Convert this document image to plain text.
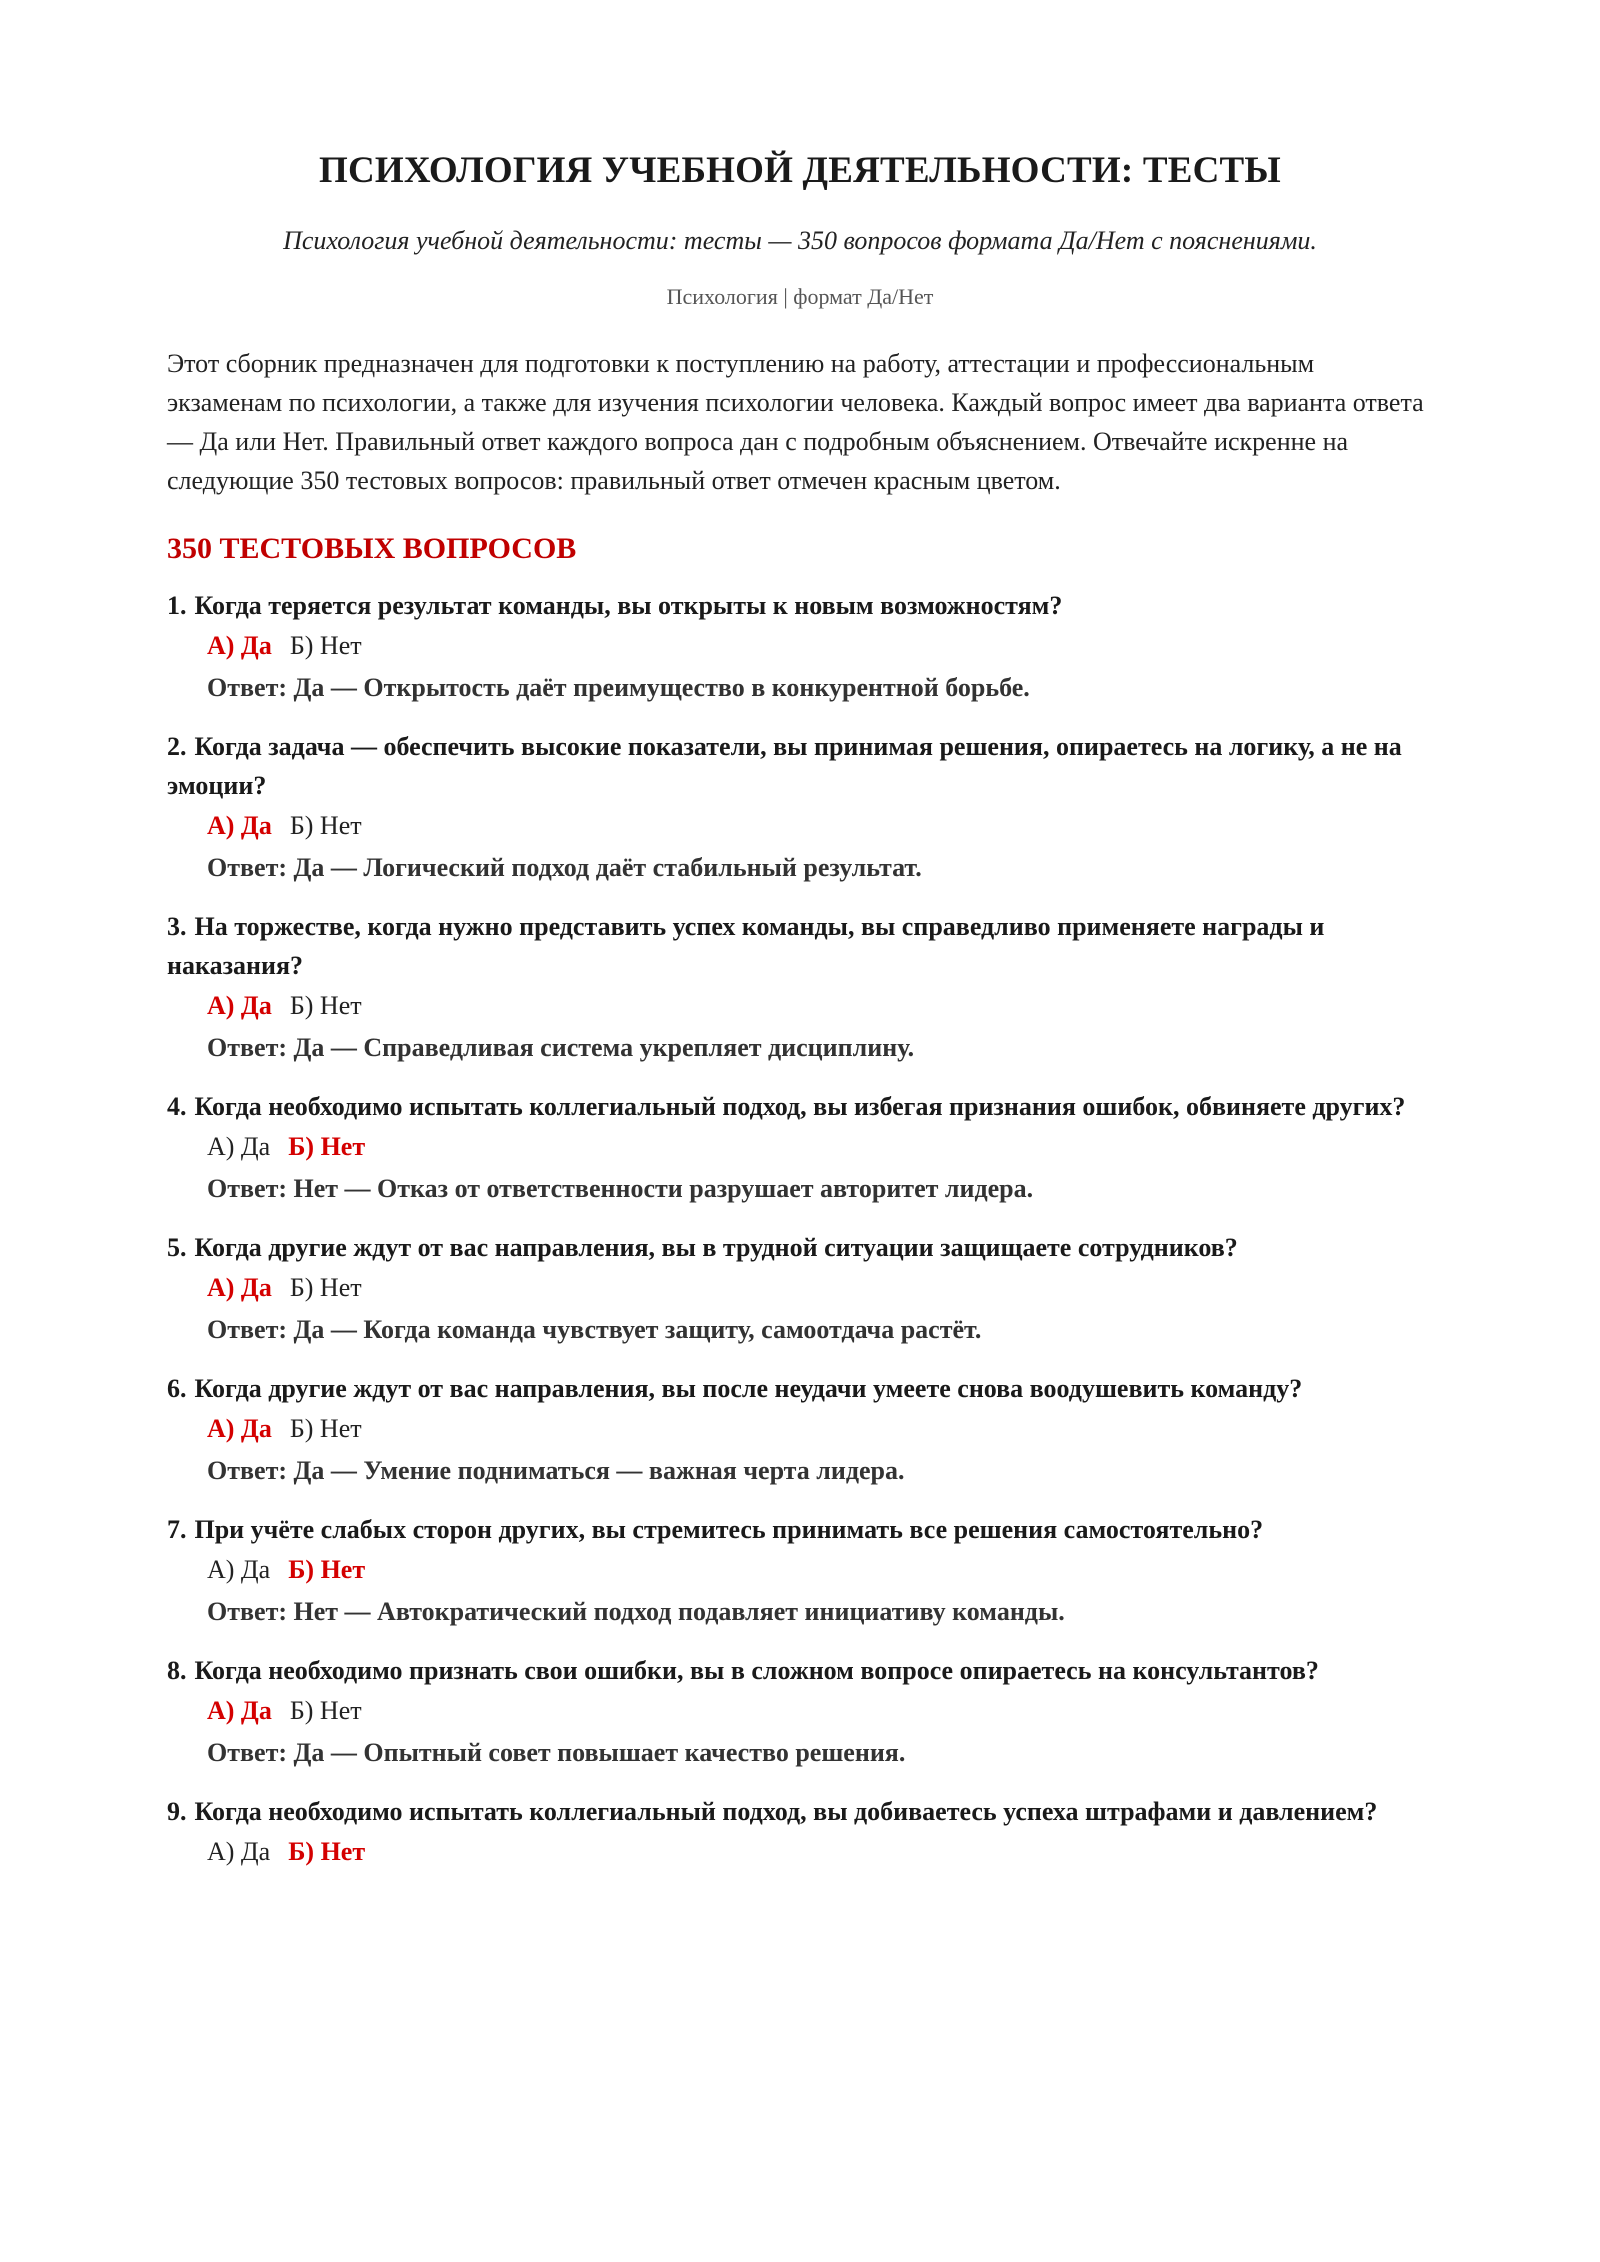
ПСИХОЛОГИЯ УЧЕБНОЙ ДЕЯТЕЛЬНОСТИ: ТЕСТЫ

Психология учебной деятельности: тесты — 350 вопросов формата Да/Нет с пояснениями.

Психология | формат Да/Нет

Этот сборник предназначен для подготовки к поступлению на работу, аттестации и профессиональным экзаменам по психологии, а также для изучения психологии человека. Каждый вопрос имеет два варианта ответа — Да или Нет. Правильный ответ каждого вопроса дан с подробным объяснением. Отвечайте искренне на следующие 350 тестовых вопросов: правильный ответ отмечен красным цветом.

350 ТЕСТОВЫХ ВОПРОСОВ
1. Когда теряется результат команды, вы открыты к новым возможностям?
А) Да Б) Нет
Ответ: Да — Открытость даёт преимущество в конкурентной борьбе.
2. Когда задача — обеспечить высокие показатели, вы принимая решения, опираетесь на логику, а не на эмоции?
А) Да Б) Нет
Ответ: Да — Логический подход даёт стабильный результат.
3. На торжестве, когда нужно представить успех команды, вы справедливо применяете награды и наказания?
А) Да Б) Нет
Ответ: Да — Справедливая система укрепляет дисциплину.
4. Когда необходимо испытать коллегиальный подход, вы избегая признания ошибок, обвиняете других?
А) Да Б) Нет
Ответ: Нет — Отказ от ответственности разрушает авторитет лидера.
5. Когда другие ждут от вас направления, вы в трудной ситуации защищаете сотрудников?
А) Да Б) Нет
Ответ: Да — Когда команда чувствует защиту, самоотдача растёт.
6. Когда другие ждут от вас направления, вы после неудачи умеете снова воодушевить команду?
А) Да Б) Нет
Ответ: Да — Умение подниматься — важная черта лидера.
7. При учёте слабых сторон других, вы стремитесь принимать все решения самостоятельно?
А) Да Б) Нет
Ответ: Нет — Автократический подход подавляет инициативу команды.
8. Когда необходимо признать свои ошибки, вы в сложном вопросе опираетесь на консультантов?
А) Да Б) Нет
Ответ: Да — Опытный совет повышает качество решения.
9. Когда необходимо испытать коллегиальный подход, вы добиваетесь успеха штрафами и давлением?
А) Да Б) Нет
